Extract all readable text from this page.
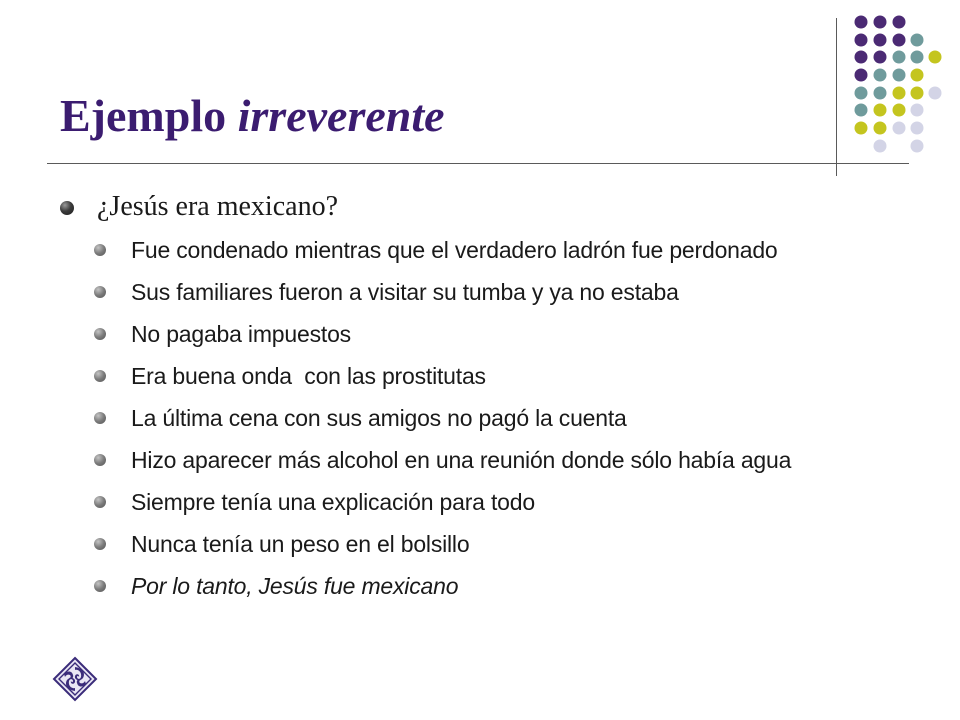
Ejemplo irreverente
¿Jesús era mexicano?
Fue condenado mientras que el verdadero ladrón fue perdonado
Sus familiares fueron a visitar su tumba y ya no estaba
No pagaba impuestos
Era buena onda  con las prostitutas
La última cena con sus amigos no pagó la cuenta
Hizo aparecer más alcohol en una reunión donde sólo había agua
Siempre tenía una explicación para todo
Nunca tenía un peso en el bolsillo
Por lo tanto, Jesús fue mexicano
